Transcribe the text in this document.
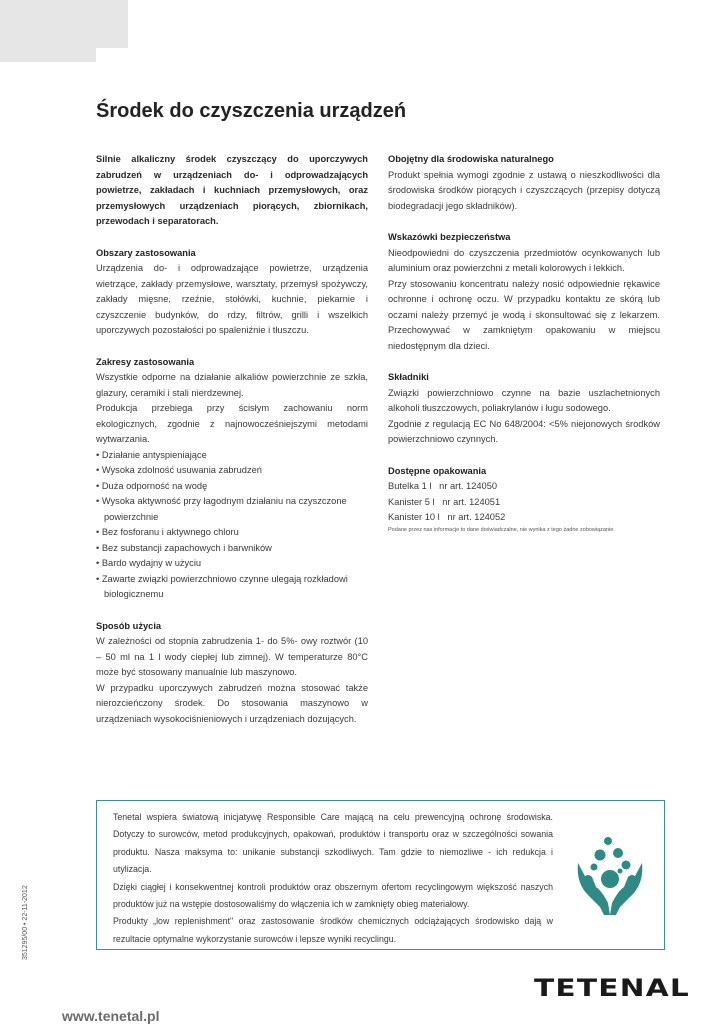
Środek do czyszczenia urządzeń

Silnie alkaliczny środek czyszczący do uporczywych zabrudzeń w urządzeniach do- i odprowadzających powietrze, zakładach i kuchniach przemysłowych, oraz przemysłowych urządzeniach piorących, zbiornikach, przewodach i separatorach.

Obszary zastosowania

Urządzenia do- i odprowadzające powietrze, urządzenia wietrzące, zakłady przemysłowe, warsztaty, przemysł spożywczy, zakłady mięsne, rzeźnie, stołówki, kuchnie, piekarnie i czyszczenie budynków, do rdzy, filtrów, grilli i wszelkich uporczywych pozostałości po spaleniźnie i tłuszczu.

Zakresy zastosowania

Wszystkie odporne na działanie alkaliów powierzchnie ze szkła, glazury, ceramiki i stali nierdzewnej.

Produkcja przebiega przy ścisłym zachowaniu norm ekologicznych, zgodnie z najnowocześniejszymi metodami wytwarzania.

• Działanie antyspieniające
• Wysoka zdolność usuwania zabrudzeń
• Duża odporność na wodę
• Wysoka aktywność przy łagodnym działaniu na czyszczone powierzchnie
• Bez fosforanu i aktywnego chloru
• Bez substancji zapachowych i barwników
• Bardo wydajny w użyciu
• Zawarte związki powierzchniowo czynne ulegają rozkładowi biologicznemu
Sposób użycia

W zależności od stopnia zabrudzenia 1- do 5%- owy roztwór (10 – 50 ml na 1 l wody ciepłej lub zimnej). W temperaturze 80°C może być stosowany manualnie lub maszynowo.

W przypadku uporczywych zabrudzeń można stosować także nierozcieńczony środek. Do stosowania maszynowo w urządzeniach wysokociśnieniowych i urządzeniach dozujących.

Obojętny dla środowiska naturalnego

Produkt spełnia wymogi zgodnie z ustawą o nieszkodliwości dla środowiska środków piorących i czyszczących (przepisy dotyczą biodegradacji jego składników).

Wskazówki bezpieczeństwa

Nieodpowiedni do czyszczenia przedmiotów ocynkowanych lub aluminium oraz powierzchni z metali kolorowych i lekkich.

Przy stosowaniu koncentratu należy nosić odpowiednie rękawice ochronne i ochronę oczu. W przypadku kontaktu ze skórą lub oczami należy przemyć je wodą i skonsultować się z lekarzem. Przechowywać w zamkniętym opakowaniu w miejscu niedostępnym dla dzieci.

Składniki

Związki powierzchniowo czynne na bazie uszlachetnionych alkoholi tłuszczowych, poliakrylanów i ługu sodowego.

Zgodnie z regulacją EC No 648/2004: <5% niejonowych środków powierzchniowo czynnych.

Dostępne opakowania

Butelka 1 l   nr art. 124050

Kanister 5 l   nr art. 124051

Kanister 10 l   nr art. 124052

Podane przez nas informacje to dane doświadczalne, nie wynika z tego żadne zobowiązanie.

Tenetal wspiera światową inicjatywę Responsible Care mającą na celu prewencyjną ochronę środowiska. Dotyczy to surowców, metod produkcyjnych, opakowań, produktów i transportu oraz w szczególności sowania produktu. Nasza maksyma to: unikanie substancji szkodliwych. Tam gdzie to niemozliwe - ich redukcja i utylizacja.

Dzięki ciągłej i konsekwentnej kontroli produktów oraz obszernym ofertom recyclingowym większość naszych produktów już na wstępie dostosowaliśmy do włączenia ich w zamknięty obieg materiałowy.

Produkty „low replenishment" oraz zastosowanie środków chemicznych odciążających środowisko dają w rezultacie optymalne wykorzystanie surowców i lepsze wyniki recyclingu.

351295/00 • 22-11-2012
www.tenetal.pl
TETENAL
